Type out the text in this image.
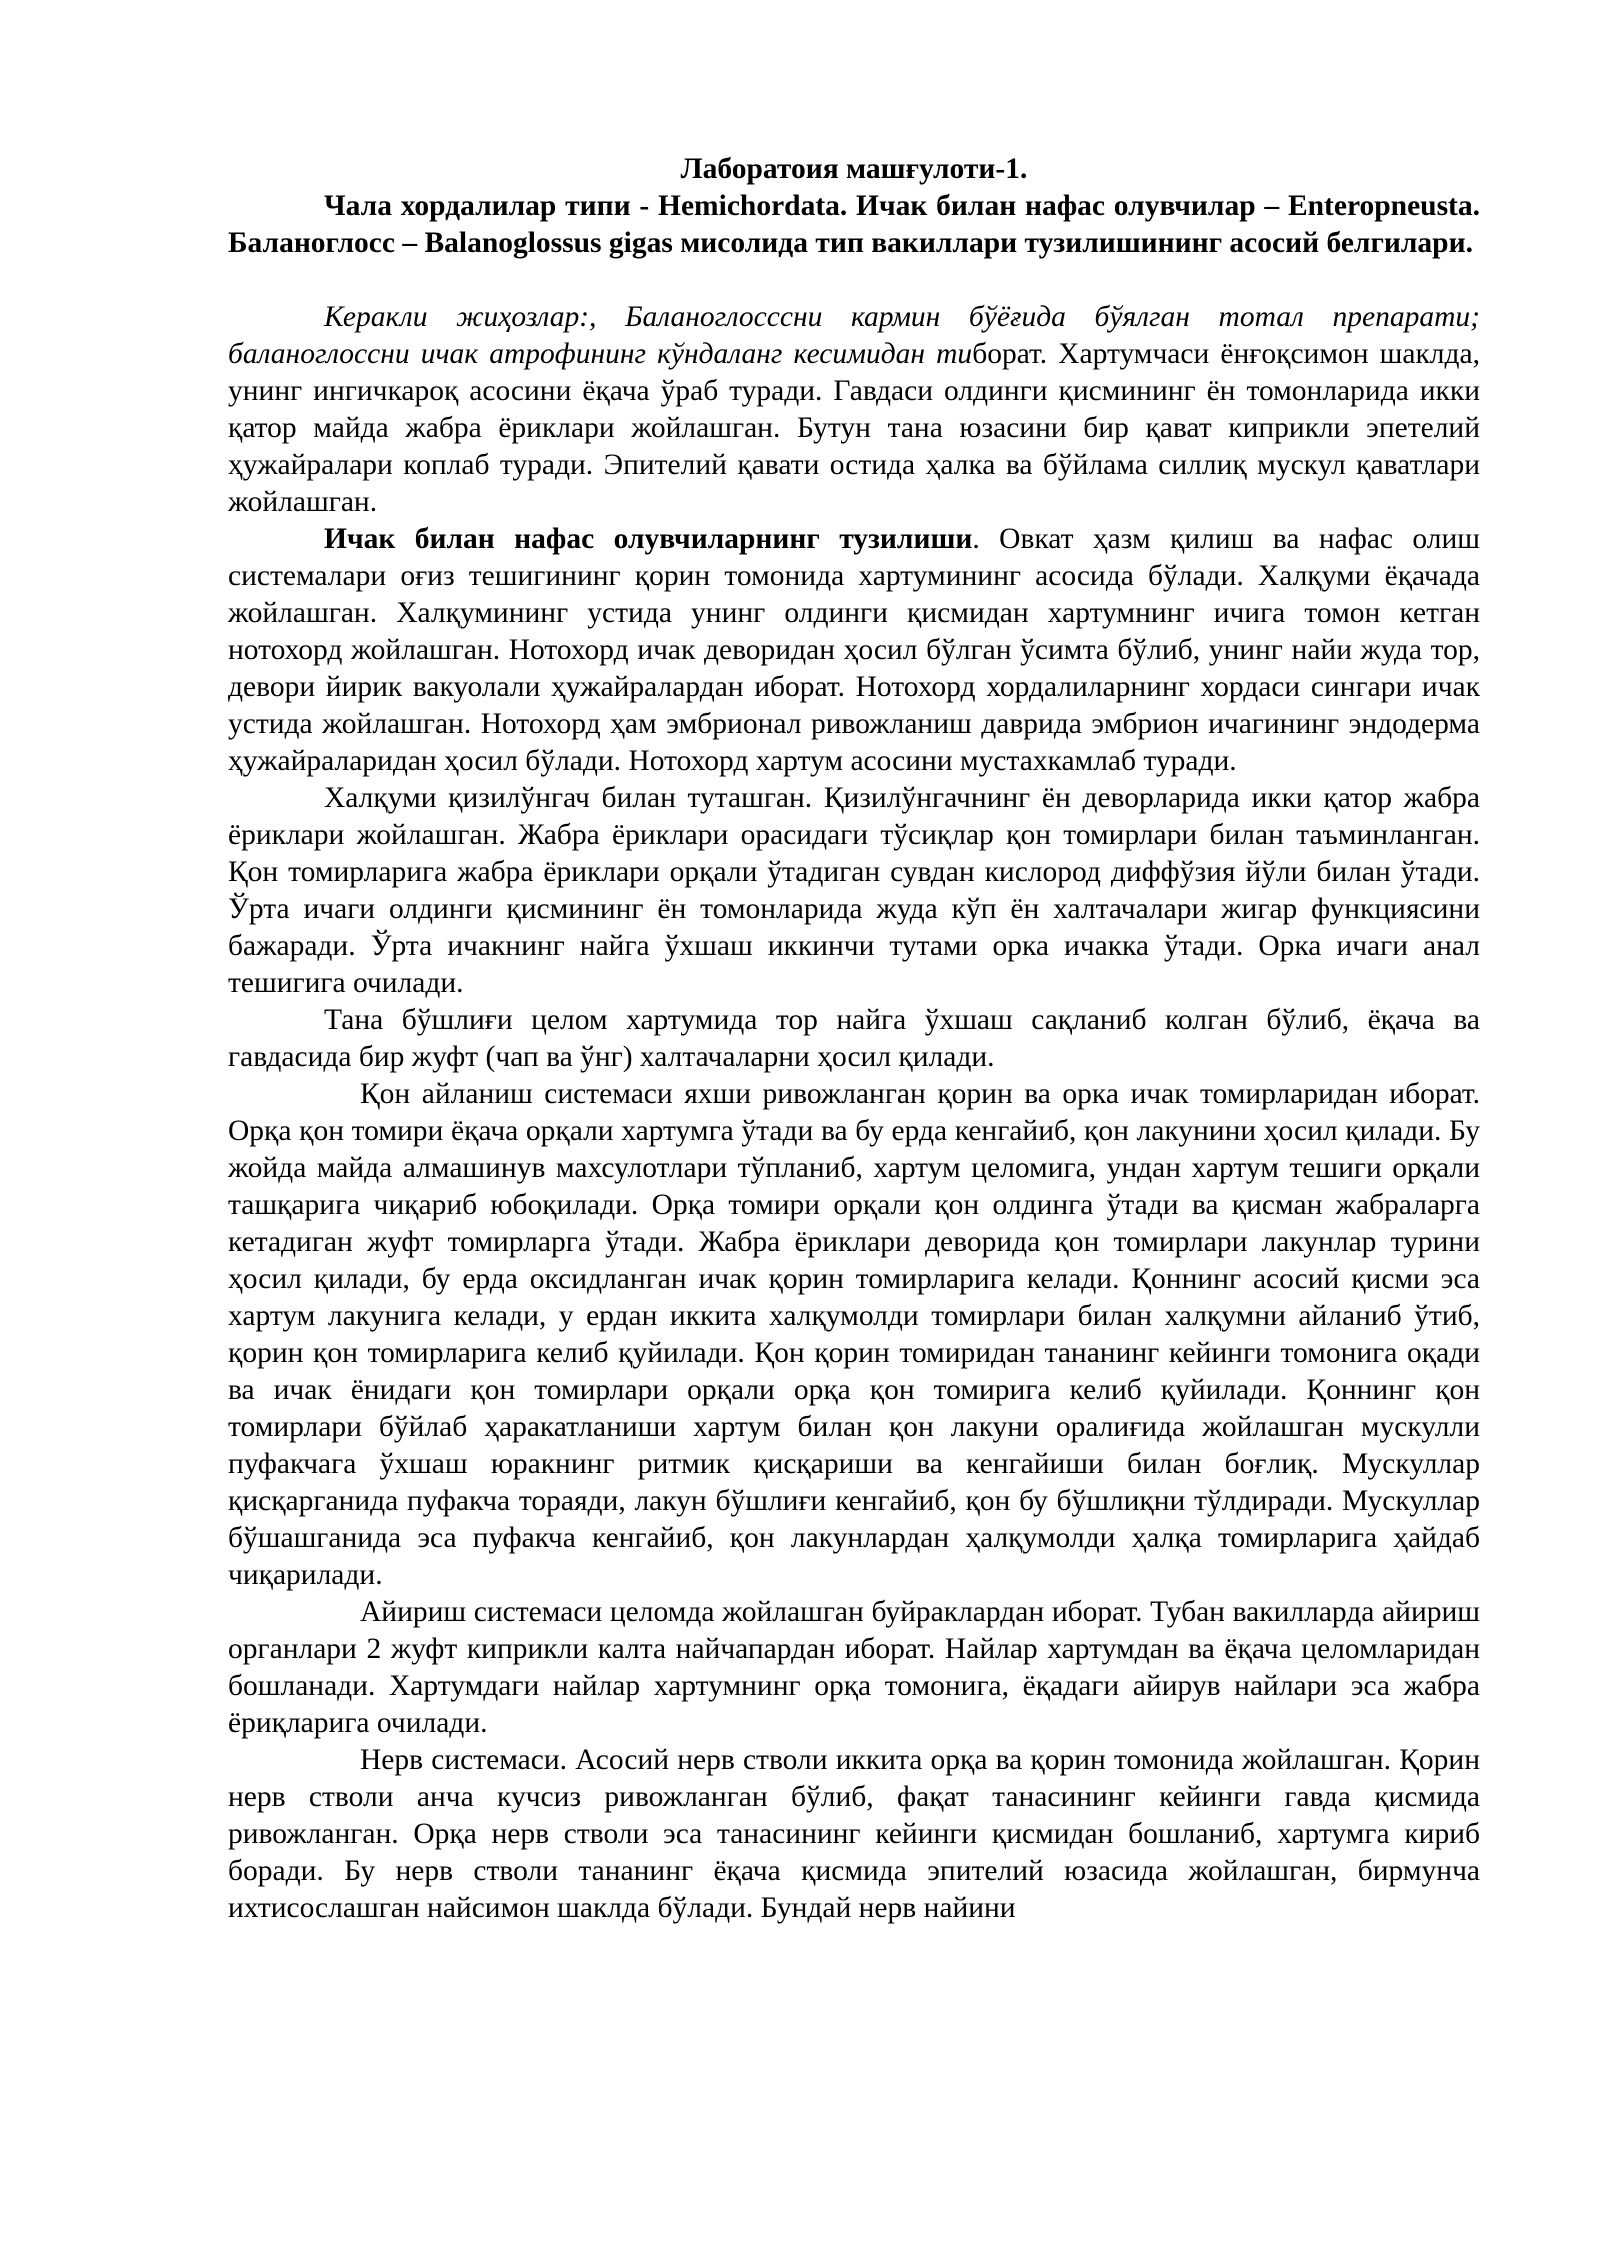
Лаборатоия машғулоти-1.
Чала хордалилар типи - Hemichordata. Ичак билан нафас олувчилар – Enteropneusta. Баланоглосс – Balanoglossus gigas мисолида тип вакиллари тузилишининг асосий белгилари.

Керакли жиҳозлар:, Баланоглосссни кармин бўёғида бўялган тотал препарати; баланоглоссни ичак атрофининг кўндаланг кесимидан тиборат. Хартумчаси ёнғоқсимон шаклда, унинг ингичкароқ асосини ёқача ўраб туради. Гавдаси олдинги қисмининг ён томонларида икки қатор майда жабра ёриклари жойлашган. Бутун тана юзасини бир қават киприкли эпетелий ҳужайралари коплаб туради. Эпителий қавати остида ҳалка ва бўйлама силлиқ мускул қаватлари жойлашган.

Ичак билан нафас олувчиларнинг тузилиши. Овкат ҳазм қилиш ва нафас олиш системалари оғиз тешигининг қорин томонида хартумининг асосида бўлади. Халқуми ёқачада жойлашган. Халқумининг устида унинг олдинги қисмидан хартумнинг ичига томон кетган нотохорд жойлашган. Нотохорд ичак деворидан ҳосил бўлган ўсимта бўлиб, унинг найи жуда тор, девори йирик вакуолали ҳужайралардан иборат. Нотохорд хордалиларнинг хордаси сингари ичак устида жойлашган. Нотохорд ҳам эмбрионал ривожланиш даврида эмбрион ичагининг эндодерма ҳужайраларидан ҳосил бўлади. Нотохорд хартум асосини мустахкамлаб туради.

Халқуми қизилўнгач билан туташган. Қизилўнгачнинг ён деворларида икки қатор жабра ёриклари жойлашган. Жабра ёриклари орасидаги тўсиқлар қон томирлари билан таъминланган. Қон томирларига жабра ёриклари орқали ўтадиган сувдан кислород диффўзия йўли билан ўтади. Ўрта ичаги олдинги қисмининг ён томонларида жуда кўп ён халтачалари жигар функциясини бажаради. Ўрта ичакнинг найга ўхшаш иккинчи тутами орка ичакка ўтади. Орка ичаги анал тешигига очилади.

Тана бўшлиғи целом хартумида тор найга ўхшаш сақланиб колган бўлиб, ёқача ва гавдасида бир жуфт (чап ва ўнг) халтачаларни ҳосил қилади.

Қон айланиш системаси яхши ривожланган қорин ва орка ичак томирларидан иборат. Орқа қон томири ёқача орқали хартумга ўтади ва бу ерда кенгайиб, қон лакунини ҳосил қилади. Бу жойда майда алмашинув махсулотлари тўпланиб, хартум целомига, ундан хартум тешиги орқали ташқарига чиқариб юбоқилади. Орқа томири орқали қон олдинга ўтади ва қисман жабраларга кетадиган жуфт томирларга ўтади. Жабра ёриклари деворида қон томирлари лакунлар турини ҳосил қилади, бу ерда оксидланган ичак қорин томирларига келади. Қоннинг асосий қисми эса хартум лакунига келади, у ердан иккита халқумолди томирлари билан халқумни айланиб ўтиб, қорин қон томирларига келиб қуйилади. Қон қорин томиридан тананинг кейинги томонига оқади ва ичак ёнидаги қон томирлари орқали орқа қон томирига келиб қуйилади. Қоннинг қон томирлари бўйлаб ҳаракатланиши хартум билан қон лакуни оралиғида жойлашган мускулли пуфакчага ўхшаш юракнинг ритмик қисқариши ва кенгайиши билан боғлиқ. Мускуллар қисқарганида пуфакча тораяди, лакун бўшлиғи кенгайиб, қон бу бўшлиқни тўлдиради. Мускуллар бўшашганида эса пуфакча кенгайиб, қон лакунлардан ҳалқумолди ҳалқа томирларига ҳайдаб чиқарилади.

Айириш системаси целомда жойлашган буйраклардан иборат. Тубан вакилларда айириш органлари 2 жуфт киприкли калта найчапардан иборат. Найлар хартумдан ва ёқача целомларидан бошланади. Хартумдаги найлар хартумнинг орқа томонига, ёқадаги айирув найлари эса жабра ёриқларига очилади.

Нерв системаси. Асосий нерв стволи иккита орқа ва қорин томонида жойлашган. Қорин нерв стволи анча кучсиз ривожланган бўлиб, фақат танасининг кейинги гавда қисмида ривожланган. Орқа нерв стволи эса танасининг кейинги қисмидан бошланиб, хартумга кириб боради. Бу нерв стволи тананинг ёқача қисмида эпителий юзасида жойлашган, бирмунча ихтисослашган найсимон шаклда бўлади. Бундай нерв найини
